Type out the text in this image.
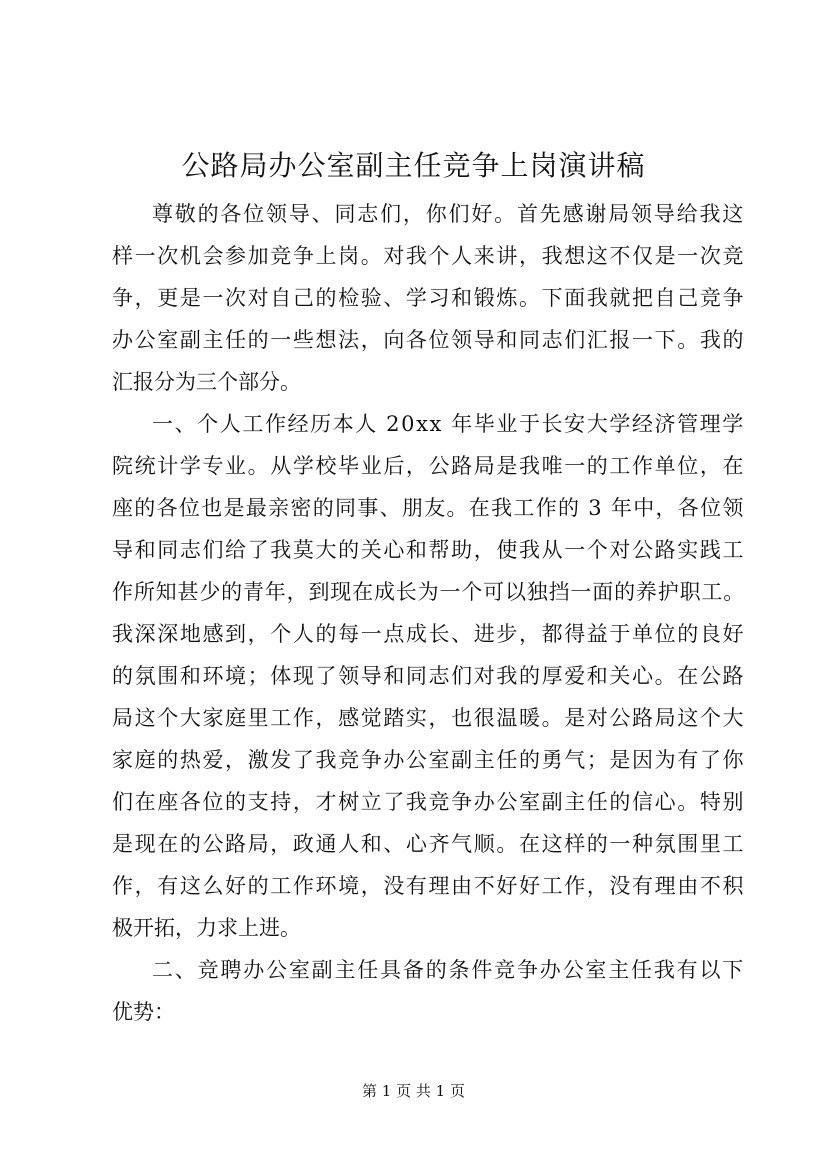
公路局办公室副主任竞争上岗演讲稿

尊敬的各位领导、同志们，你们好。首先感谢局领导给我这

样一次机会参加竞争上岗。对我个人来讲，我想这不仅是一次竞

争，更是一次对自己的检验、学习和锻炼。下面我就把自己竞争

办公室副主任的一些想法，向各位领导和同志们汇报一下。我的

汇报分为三个部分。

一、个人工作经历本人 20xx 年毕业于长安大学经济管理学

院统计学专业。从学校毕业后，公路局是我唯一的工作单位，在

座的各位也是最亲密的同事、朋友。在我工作的 3 年中，各位领

导和同志们给了我莫大的关心和帮助，使我从一个对公路实践工

作所知甚少的青年，到现在成长为一个可以独挡一面的养护职工。

我深深地感到，个人的每一点成长、进步，都得益于单位的良好

的氛围和环境；体现了领导和同志们对我的厚爱和关心。在公路

局这个大家庭里工作，感觉踏实，也很温暖。是对公路局这个大

家庭的热爱，激发了我竞争办公室副主任的勇气；是因为有了你

们在座各位的支持，才树立了我竞争办公室副主任的信心。特别

是现在的公路局，政通人和、心齐气顺。在这样的一种氛围里工

作，有这么好的工作环境，没有理由不好好工作，没有理由不积

极开拓，力求上进。

二、竞聘办公室副主任具备的条件竞争办公室主任我有以下

优势：

第 1 页 共 1 页
